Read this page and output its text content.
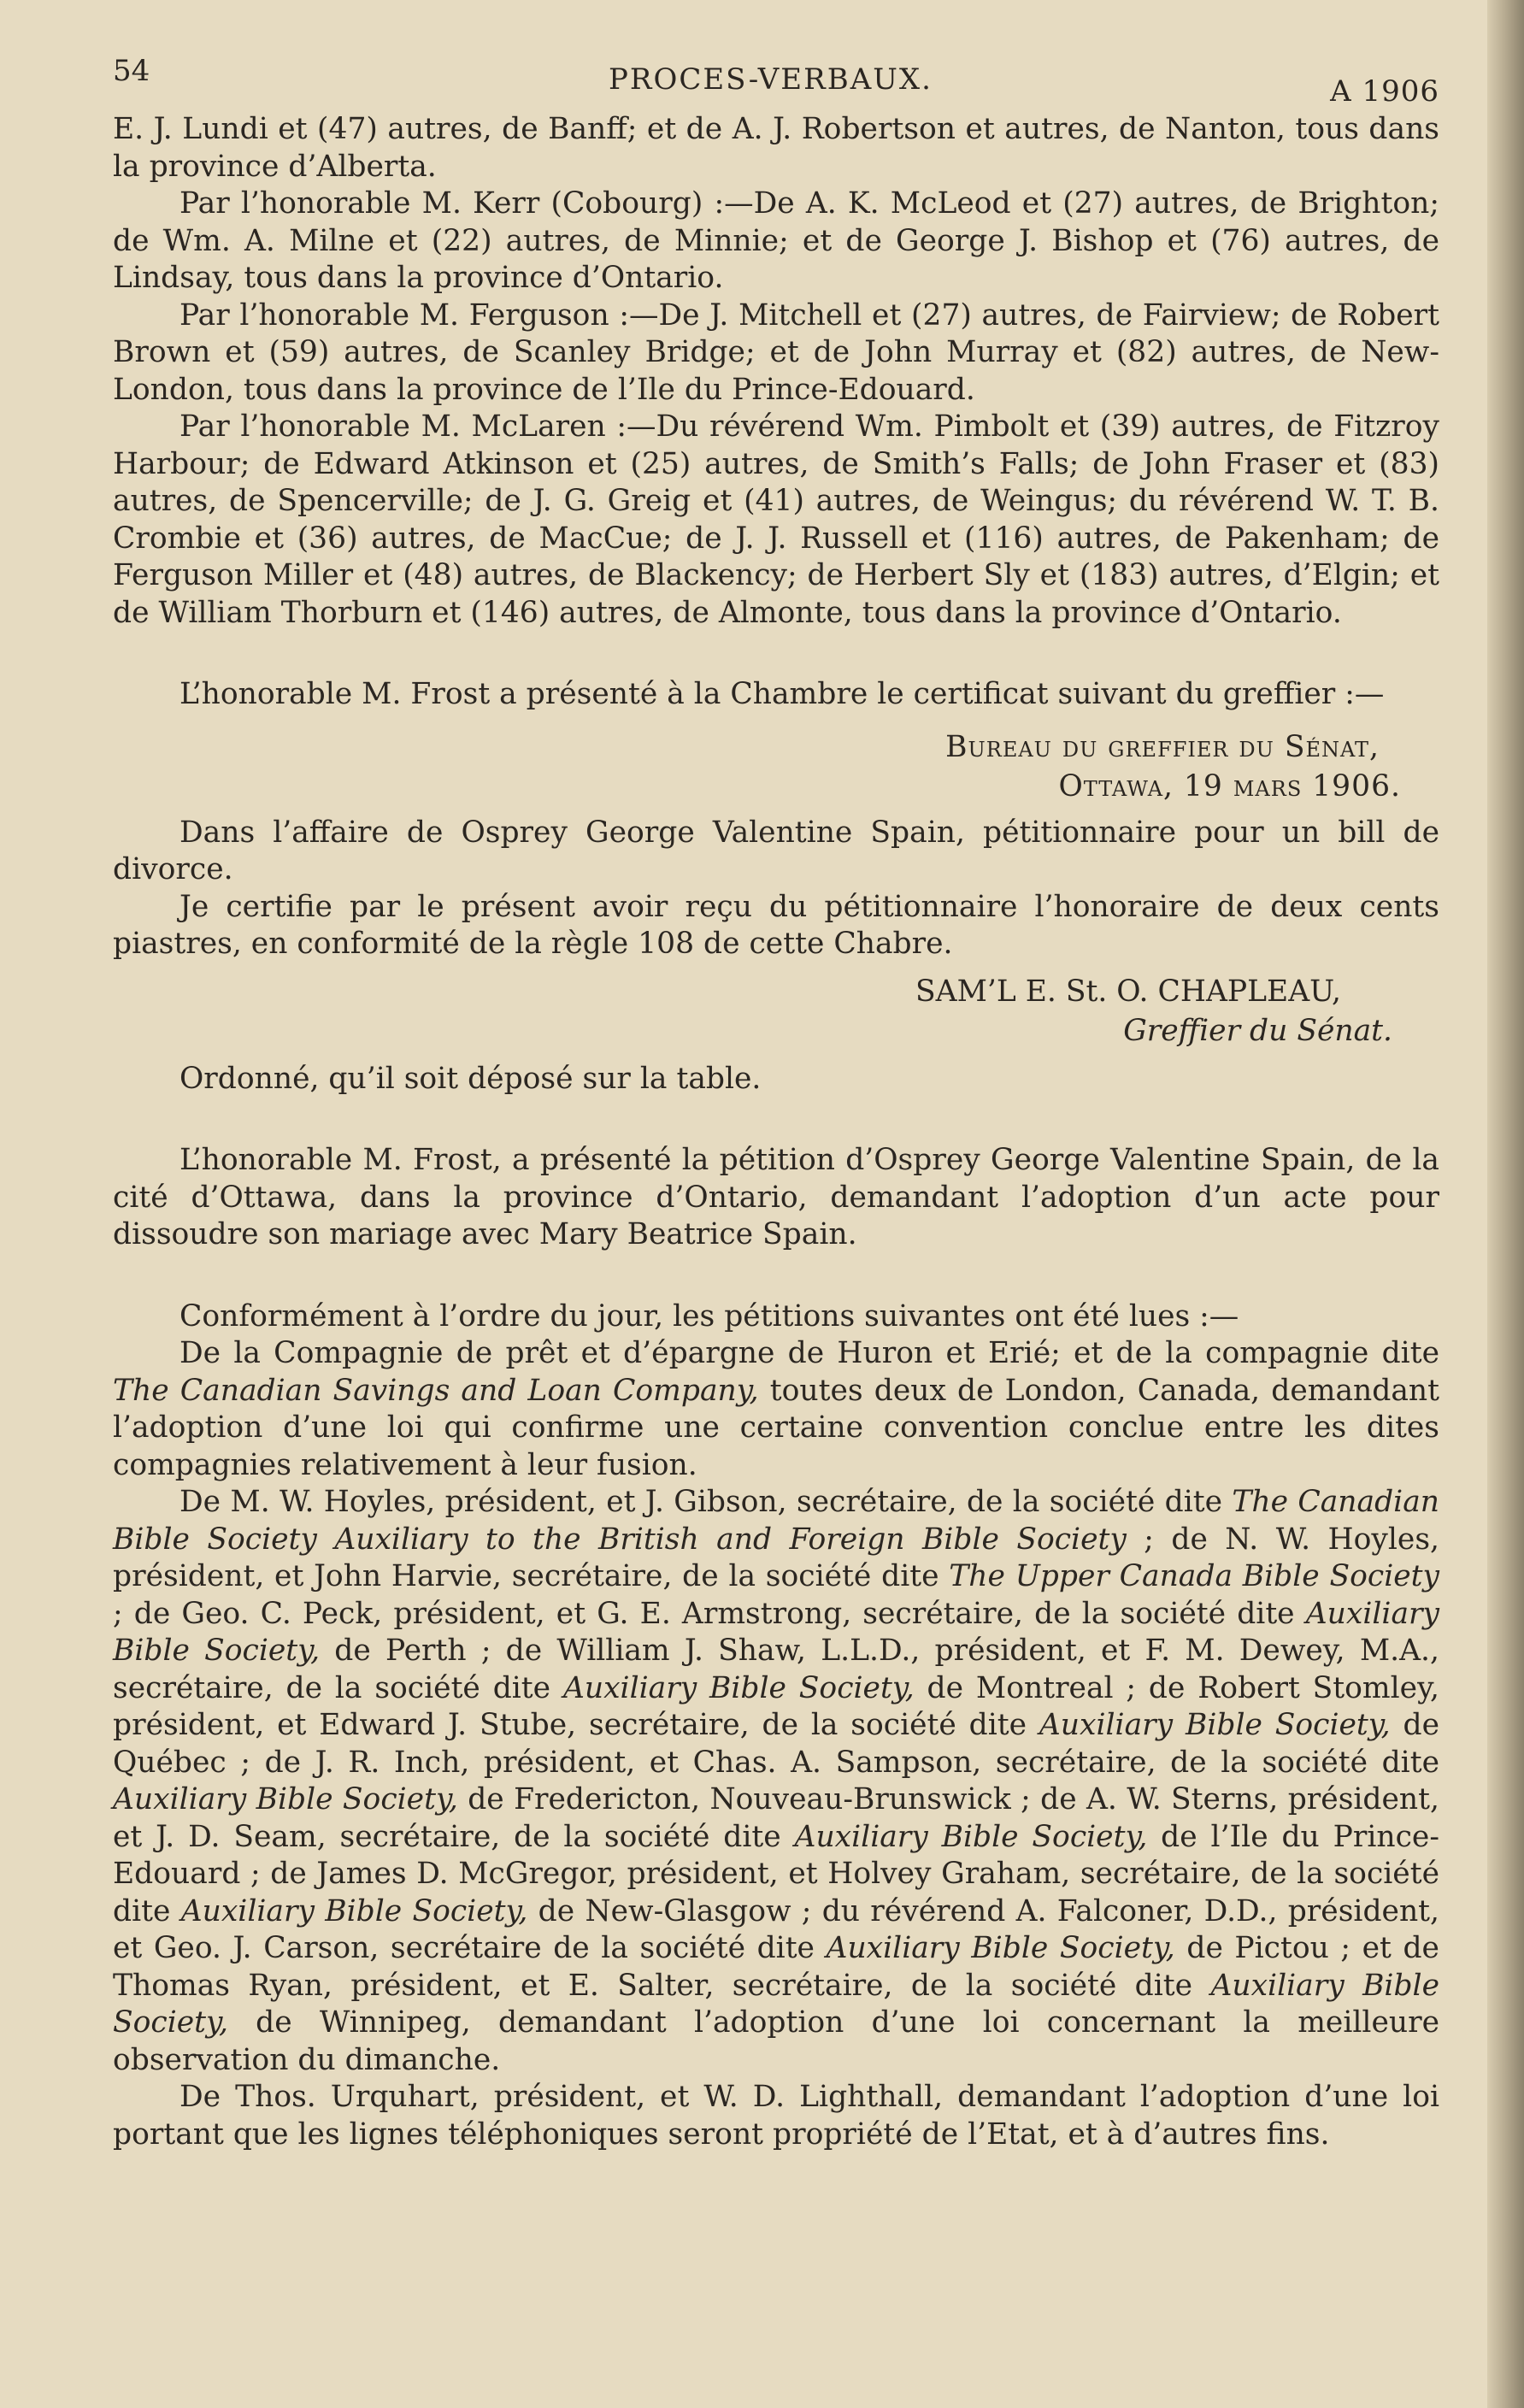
54	PROCES-VERBAUX.	A 1906

E. J. Lundi et (47) autres, de Banff; et de A. J. Robertson et autres, de Nanton, tous dans la province d’Alberta.

Par l’honorable M. Kerr (Cobourg) :—De A. K. McLeod et (27) autres, de Brighton; de Wm. A. Milne et (22) autres, de Minnie; et de George J. Bishop et (76) autres, de Lindsay, tous dans la province d’Ontario.

Par l’honorable M. Ferguson :—De J. Mitchell et (27) autres, de Fairview; de Robert Brown et (59) autres, de Scanley Bridge; et de John Murray et (82) autres, de New-London, tous dans la province de l’Ile du Prince-Edouard.

Par l’honorable M. McLaren :—Du révérend Wm. Pimbolt et (39) autres, de Fitzroy Harbour; de Edward Atkinson et (25) autres, de Smith’s Falls; de John Fraser et (83) autres, de Spencerville; de J. G. Greig et (41) autres, de Weingus; du révérend W. T. B. Crombie et (36) autres, de MacCue; de J. J. Russell et (116) autres, de Pakenham; de Ferguson Miller et (48) autres, de Blackency; de Herbert Sly et (183) autres, d’Elgin; et de William Thorburn et (146) autres, de Almonte, tous dans la province d’Ontario.

L’honorable M. Frost a présenté à la Chambre le certificat suivant du greffier :—

Bureau du greffier du Sénat,
Ottawa, 19 mars 1906.

Dans l’affaire de Osprey George Valentine Spain, pétitionnaire pour un bill de divorce.

Je certifie par le présent avoir reçu du pétitionnaire l’honoraire de deux cents piastres, en conformité de la règle 108 de cette Chabre.

SAM’L E. St. O. CHAPLEAU,
Greffier du Sénat.

Ordonné, qu’il soit déposé sur la table.

L’honorable M. Frost, a présenté la pétition d’Osprey George Valentine Spain, de la cité d’Ottawa, dans la province d’Ontario, demandant l’adoption d’un acte pour dissoudre son mariage avec Mary Beatrice Spain.

Conformément à l’ordre du jour, les pétitions suivantes ont été lues :—

De la Compagnie de prêt et d’épargne de Huron et Erié; et de la compagnie dite The Canadian Savings and Loan Company, toutes deux de London, Canada, demandant l’adoption d’une loi qui confirme une certaine convention conclue entre les dites compagnies relativement à leur fusion.

De M. W. Hoyles, président, et J. Gibson, secrétaire, de la société dite The Canadian Bible Society Auxiliary to the British and Foreign Bible Society ; de N. W. Hoyles, président, et John Harvie, secrétaire, de la société dite The Upper Canada Bible Society ; de Geo. C. Peck, président, et G. E. Armstrong, secrétaire, de la société dite Auxiliary Bible Society, de Perth ; de William J. Shaw, L.L.D., président, et F. M. Dewey, M.A., secrétaire, de la société dite Auxiliary Bible Society, de Montreal ; de Robert Stomley, président, et Edward J. Stube, secrétaire, de la société dite Auxiliary Bible Society, de Québec ; de J. R. Inch, président, et Chas. A. Sampson, secrétaire, de la société dite Auxiliary Bible Society, de Fredericton, Nouveau-Brunswick ; de A. W. Sterns, président, et J. D. Seam, secrétaire, de la société dite Auxiliary Bible Society, de l’Ile du Prince-Edouard ; de James D. McGregor, président, et Holvey Graham, secrétaire, de la société dite Auxiliary Bible Society, de New-Glasgow ; du révérend A. Falconer, D.D., président, et Geo. J. Carson, secrétaire de la société dite Auxiliary Bible Society, de Pictou ; et de Thomas Ryan, président, et E. Salter, secrétaire, de la société dite Auxiliary Bible Society, de Winnipeg, demandant l’adoption d’une loi concernant la meilleure observation du dimanche.

De Thos. Urquhart, président, et W. D. Lighthall, demandant l’adoption d’une loi portant que les lignes téléphoniques seront propriété de l’Etat, et à d’autres fins.
